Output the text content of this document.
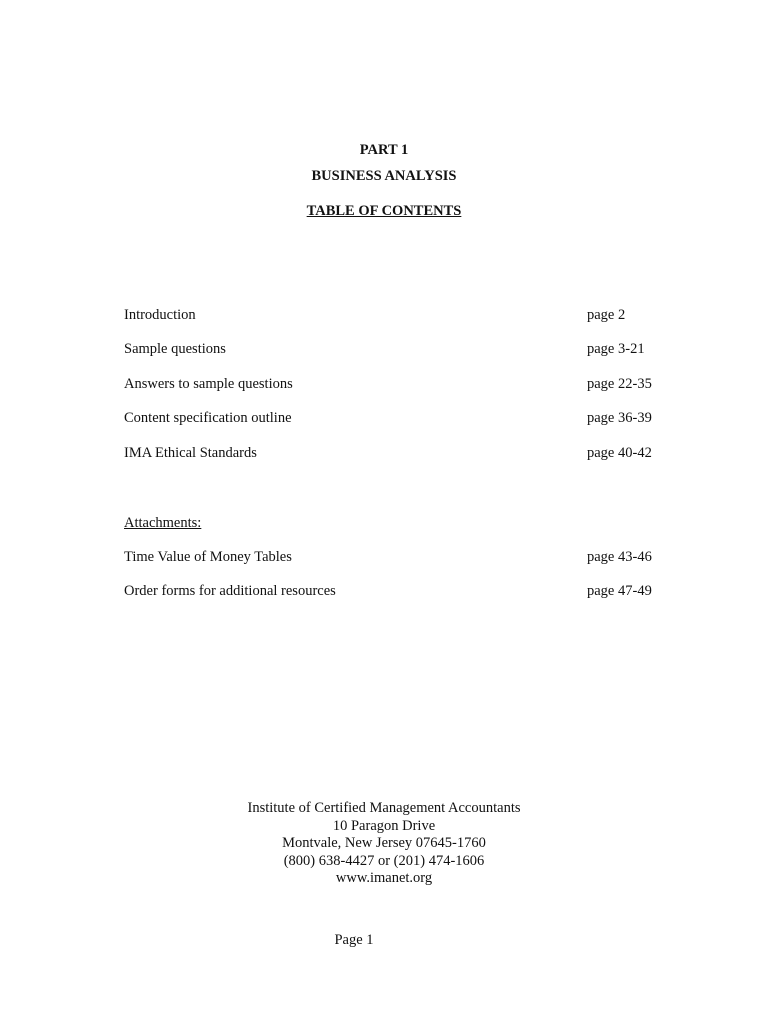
PART 1
BUSINESS ANALYSIS
TABLE OF CONTENTS
Introduction	page 2
Sample questions	page 3-21
Answers to sample questions	page 22-35
Content specification outline	page 36-39
IMA Ethical Standards	page 40-42
Attachments:
Time Value of Money Tables	page 43-46
Order forms for additional resources	page 47-49
Institute of Certified Management Accountants
10 Paragon Drive
Montvale, New Jersey 07645-1760
(800) 638-4427 or (201) 474-1606
www.imanet.org
Page 1
